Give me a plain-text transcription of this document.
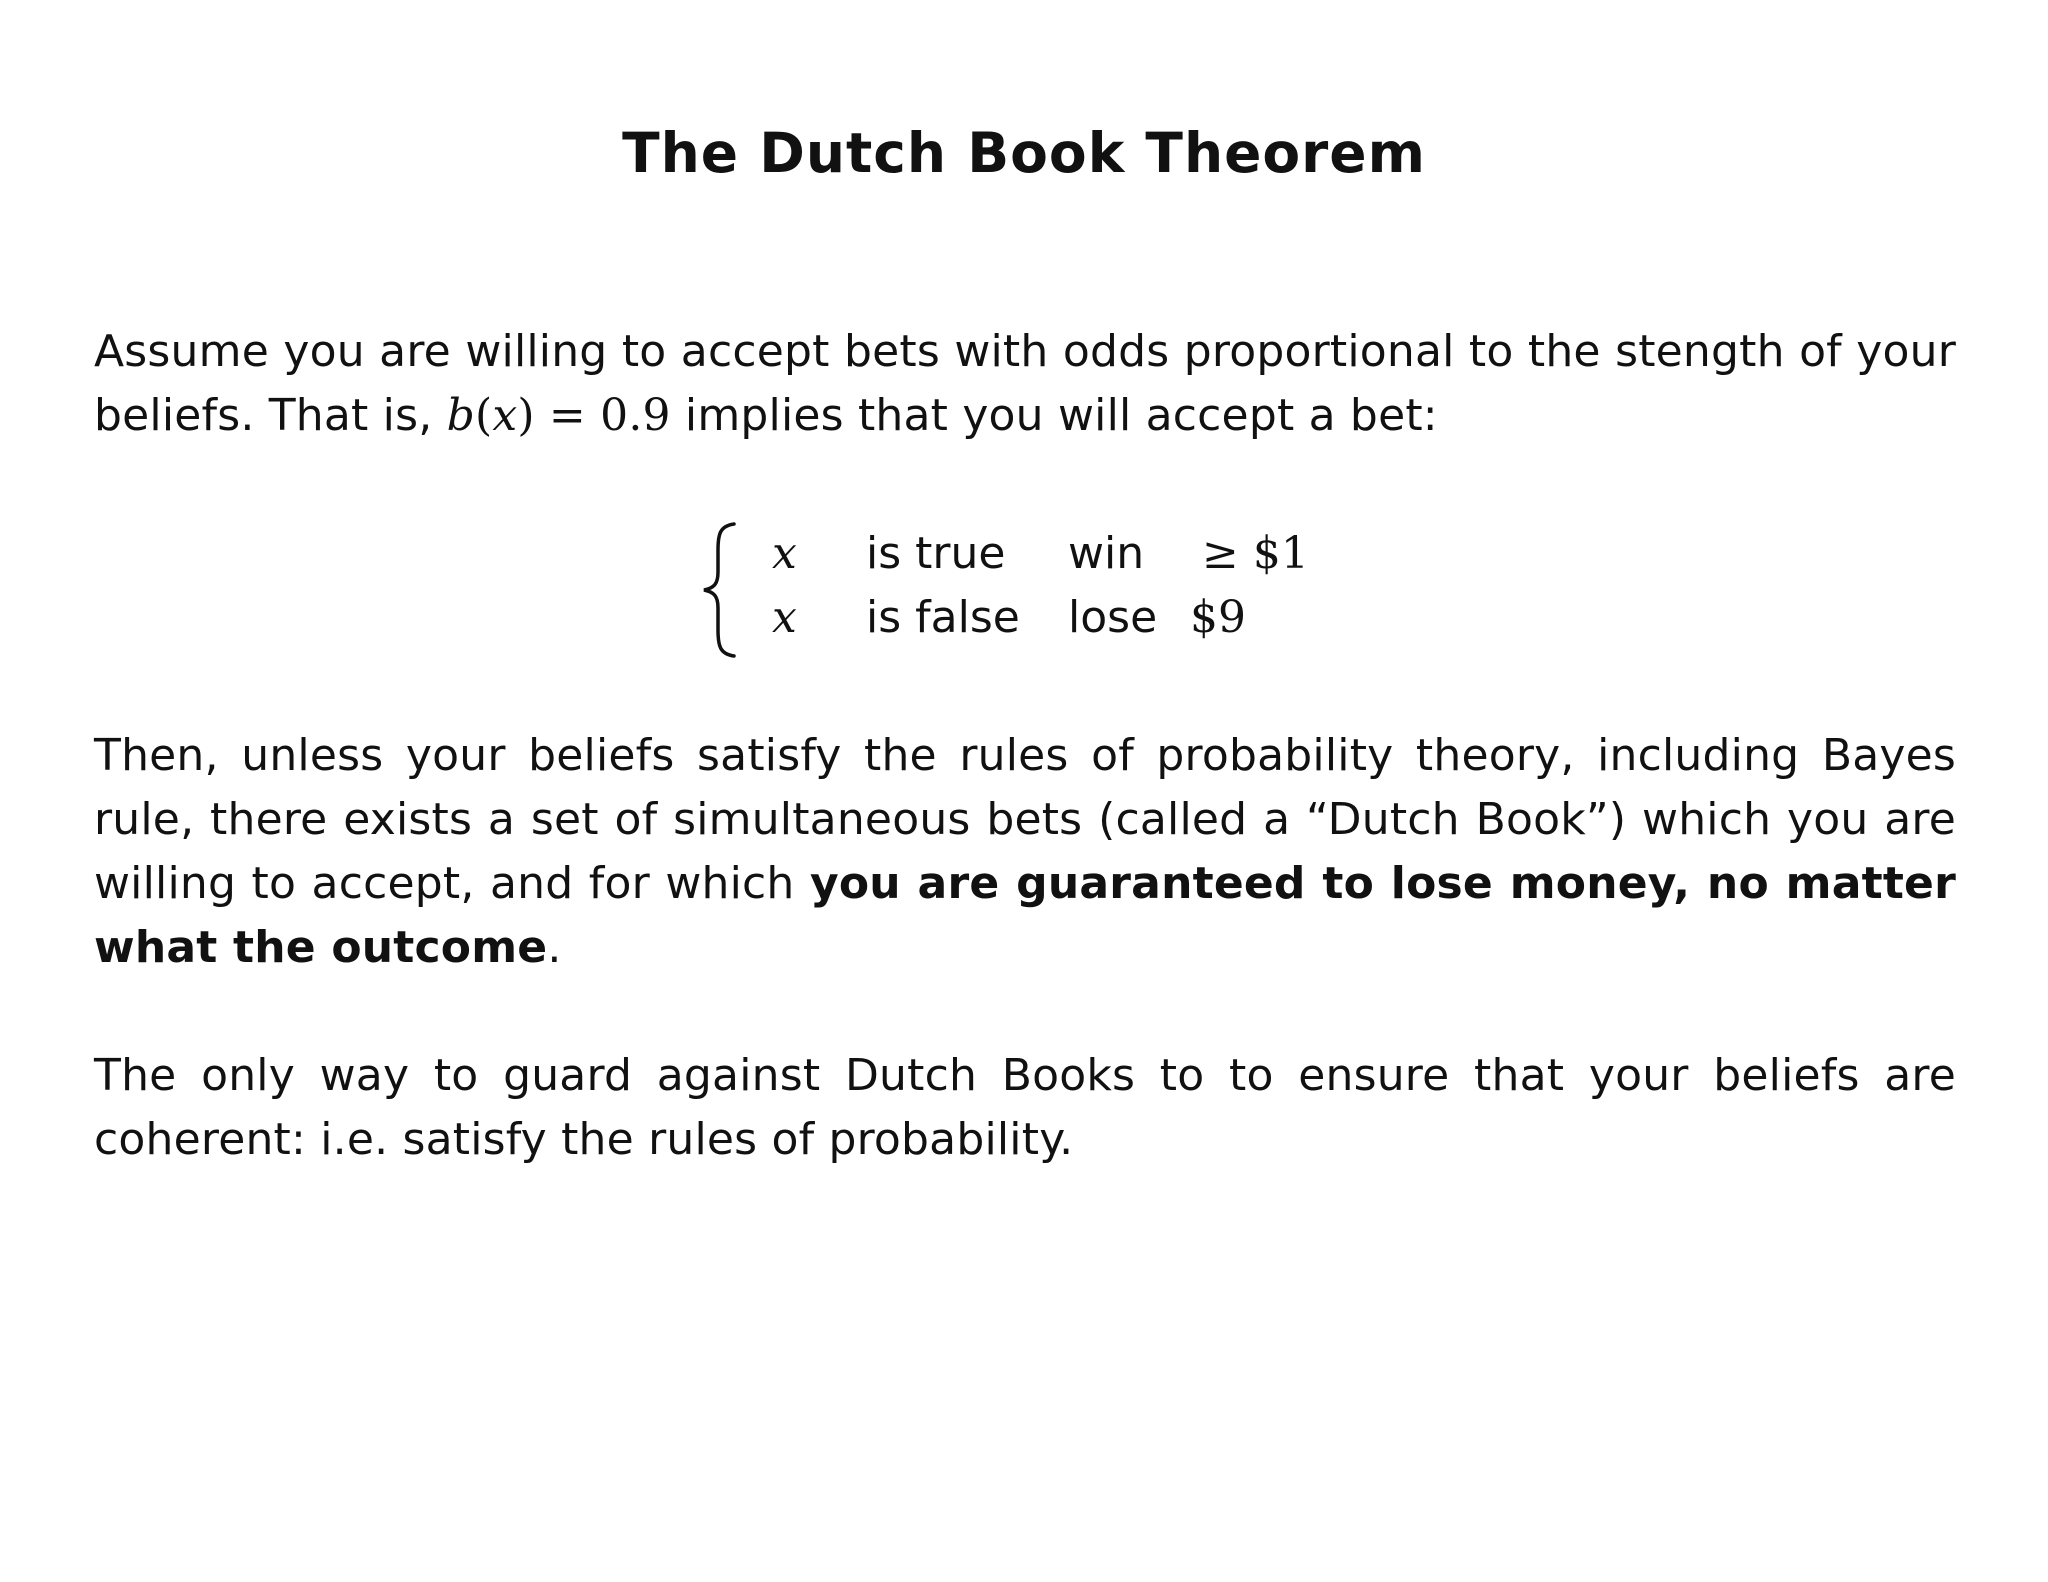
The Dutch Book Theorem
Assume you are willing to accept bets with odds proportional to the stength of your beliefs. That is, b(x) = 0.9 implies that you will accept a bet:
x is true win ≥ $1
x is false lose $9
Then, unless your beliefs satisfy the rules of probability theory, including Bayes rule, there exists a set of simultaneous bets (called a “Dutch Book”) which you are willing to accept, and for which you are guaranteed to lose money, no matter what the outcome.
The only way to guard against Dutch Books to to ensure that your beliefs are coherent: i.e. satisfy the rules of probability.
